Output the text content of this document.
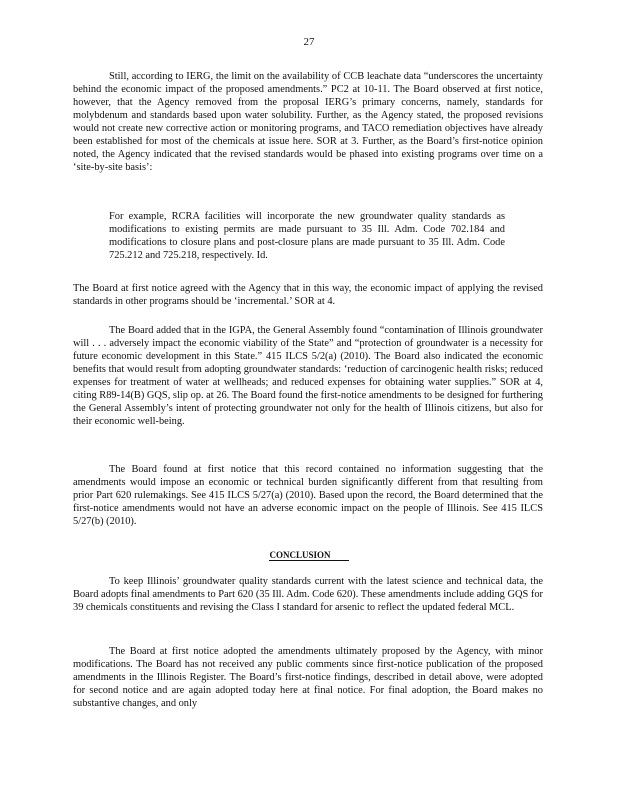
27

Still, according to IERG, the limit on the availability of CCB leachate data “underscores the uncertainty behind the economic impact of the proposed amendments.” PC2 at 10-11. The Board observed at first notice, however, that the Agency removed from the proposal IERG’s primary concerns, namely, standards for molybdenum and standards based upon water solubility. Further, as the Agency stated, the proposed revisions would not create new corrective action or monitoring programs, and TACO remediation objectives have already been established for most of the chemicals at issue here. SOR at 3. Further, as the Board’s first-notice opinion noted, the Agency indicated that the revised standards would be phased into existing programs over time on a ‘site-by-site basis’:

For example, RCRA facilities will incorporate the new groundwater quality standards as modifications to existing permits are made pursuant to 35 Ill. Adm. Code 702.184 and modifications to closure plans and post-closure plans are made pursuant to 35 Ill. Adm. Code 725.212 and 725.218, respectively. Id.

The Board at first notice agreed with the Agency that in this way, the economic impact of applying the revised standards in other programs should be ‘incremental.’ SOR at 4.

The Board added that in the IGPA, the General Assembly found “contamination of Illinois groundwater will . . . adversely impact the economic viability of the State” and “protection of groundwater is a necessity for future economic development in this State.” 415 ILCS 5/2(a) (2010). The Board also indicated the economic benefits that would result from adopting groundwater standards: ‘reduction of carcinogenic health risks; reduced expenses for treatment of water at wellheads; and reduced expenses for obtaining water supplies.” SOR at 4, citing R89-14(B) GQS, slip op. at 26. The Board found the first-notice amendments to be designed for furthering the General Assembly’s intent of protecting groundwater not only for the health of Illinois citizens, but also for their economic well-being.

The Board found at first notice that this record contained no information suggesting that the amendments would impose an economic or technical burden significantly different from that resulting from prior Part 620 rulemakings. See 415 ILCS 5/27(a) (2010). Based upon the record, the Board determined that the first-notice amendments would not have an adverse economic impact on the people of Illinois. See 415 ILCS 5/27(b) (2010).

CONCLUSION

To keep Illinois’ groundwater quality standards current with the latest science and technical data, the Board adopts final amendments to Part 620 (35 Ill. Adm. Code 620). These amendments include adding GQS for 39 chemicals constituents and revising the Class I standard for arsenic to reflect the updated federal MCL.

The Board at first notice adopted the amendments ultimately proposed by the Agency, with minor modifications. The Board has not received any public comments since first-notice publication of the proposed amendments in the Illinois Register. The Board’s first-notice findings, described in detail above, were adopted for second notice and are again adopted today here at final notice. For final adoption, the Board makes no substantive changes, and only
